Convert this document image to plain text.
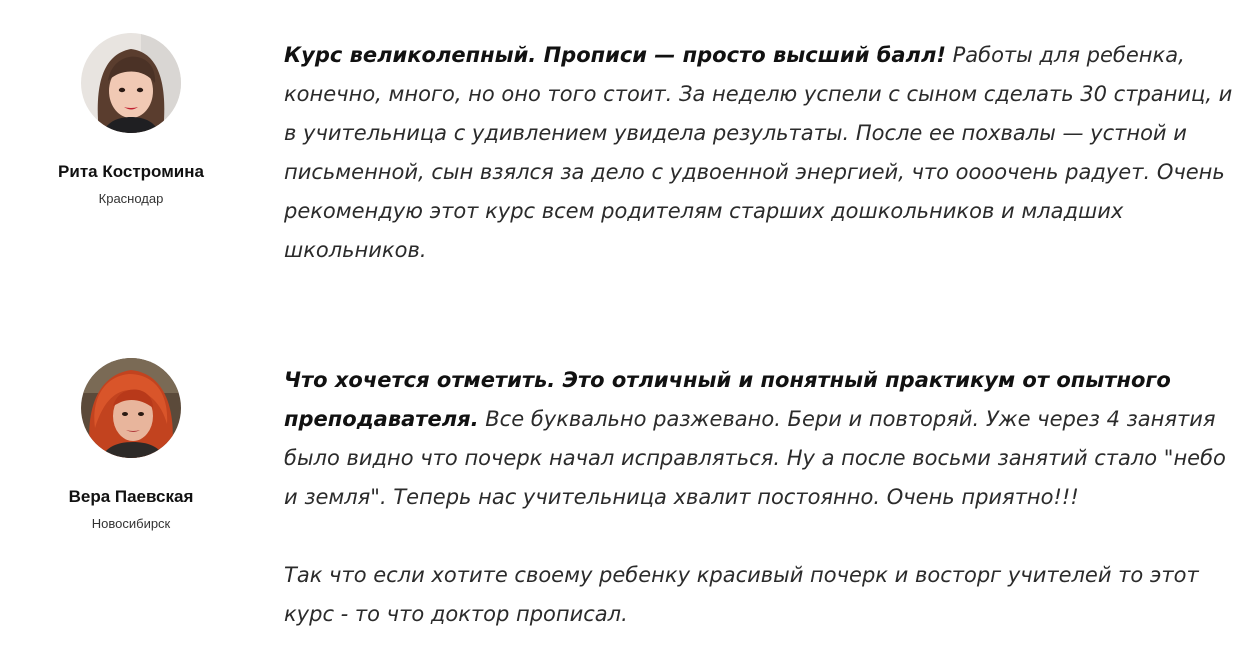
Рита Костромина
Краснодар

Курс великолепный. Прописи — просто высший балл! Работы для ребенка, конечно, много, но оно того стоит. За неделю успели с сыном сделать 30 страниц, и в учительница с удивлением увидела результаты. После ее похвалы — устной и письменной, сын взялся за дело с удвоенной энергией, что оооочень радует. Очень рекомендую этот курс всем родителям старших дошкольников и младших школьников.

Вера Паевская
Новосибирск

Что хочется отметить. Это отличный и понятный практикум от опытного преподавателя. Все буквально разжевано. Бери и повторяй. Уже через 4 занятия было видно что почерк начал исправляться. Ну а после восьми занятий стало "небо и земля". Теперь нас учительница хвалит постоянно. Очень приятно!!!

Так что если хотите своему ребенку красивый почерк и восторг учителей то этот курс - то что доктор прописал.
